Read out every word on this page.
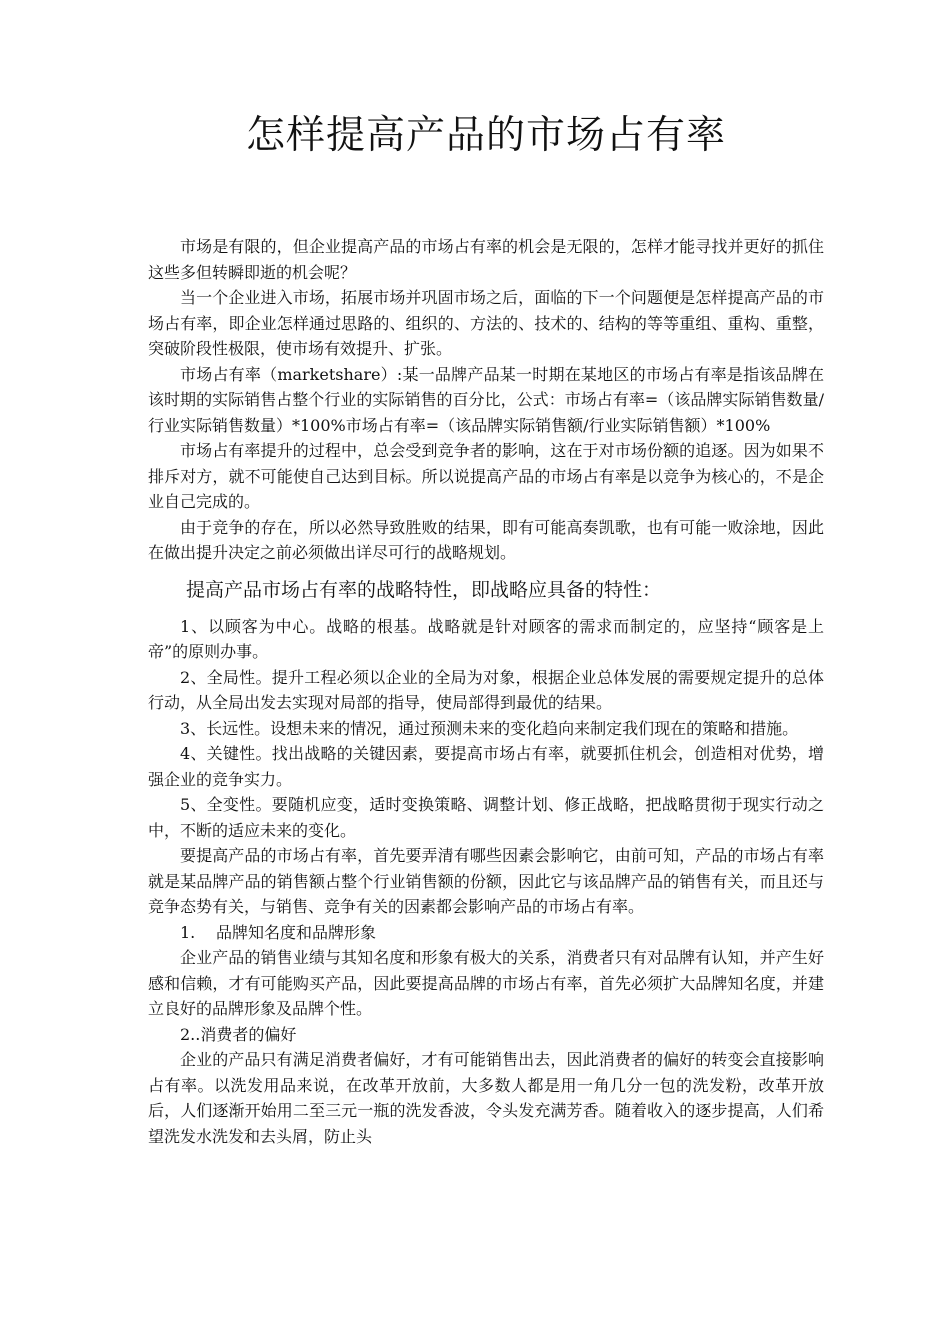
怎样提高产品的市场占有率

市场是有限的，但企业提高产品的市场占有率的机会是无限的，怎样才能寻找并更好的抓住这些多但转瞬即逝的机会呢？

当一个企业进入市场，拓展市场并巩固市场之后，面临的下一个问题便是怎样提高产品的市场占有率，即企业怎样通过思路的、组织的、方法的、技术的、结构的等等重组、重构、重整，突破阶段性极限，使市场有效提升、扩张。

市场占有率（marketshare）:某一品牌产品某一时期在某地区的市场占有率是指该品牌在该时期的实际销售占整个行业的实际销售的百分比，公式：市场占有率=（该品牌实际销售数量/行业实际销售数量）*100%市场占有率=（该品牌实际销售额/行业实际销售额）*100%

市场占有率提升的过程中，总会受到竞争者的影响，这在于对市场份额的追逐。因为如果不排斥对方，就不可能使自己达到目标。所以说提高产品的市场占有率是以竞争为核心的，不是企业自己完成的。

由于竞争的存在，所以必然导致胜败的结果，即有可能高奏凯歌，也有可能一败涂地，因此在做出提升决定之前必须做出详尽可行的战略规划。

提高产品市场占有率的战略特性，即战略应具备的特性：

1、以顾客为中心。战略的根基。战略就是针对顾客的需求而制定的，应坚持“顾客是上帝”的原则办事。

2、全局性。提升工程必须以企业的全局为对象，根据企业总体发展的需要规定提升的总体行动，从全局出发去实现对局部的指导，使局部得到最优的结果。

3、长远性。设想未来的情况，通过预测未来的变化趋向来制定我们现在的策略和措施。

4、关键性。找出战略的关键因素，要提高市场占有率，就要抓住机会，创造相对优势，增强企业的竞争实力。

5、全变性。要随机应变，适时变换策略、调整计划、修正战略，把战略贯彻于现实行动之中，不断的适应未来的变化。

要提高产品的市场占有率，首先要弄清有哪些因素会影响它，由前可知，产品的市场占有率就是某品牌产品的销售额占整个行业销售额的份额，因此它与该品牌产品的销售有关，而且还与竞争态势有关，与销售、竞争有关的因素都会影响产品的市场占有率。

1. 品牌知名度和品牌形象

企业产品的销售业绩与其知名度和形象有极大的关系，消费者只有对品牌有认知，并产生好感和信赖，才有可能购买产品，因此要提高品牌的市场占有率，首先必须扩大品牌知名度，并建立良好的品牌形象及品牌个性。

2..消费者的偏好

企业的产品只有满足消费者偏好，才有可能销售出去，因此消费者的偏好的转变会直接影响占有率。以洗发用品来说，在改革开放前，大多数人都是用一角几分一包的洗发粉，改革开放后，人们逐渐开始用二至三元一瓶的洗发香波，令头发充满芳香。随着收入的逐步提高，人们希望洗发水洗发和去头屑，防止头
